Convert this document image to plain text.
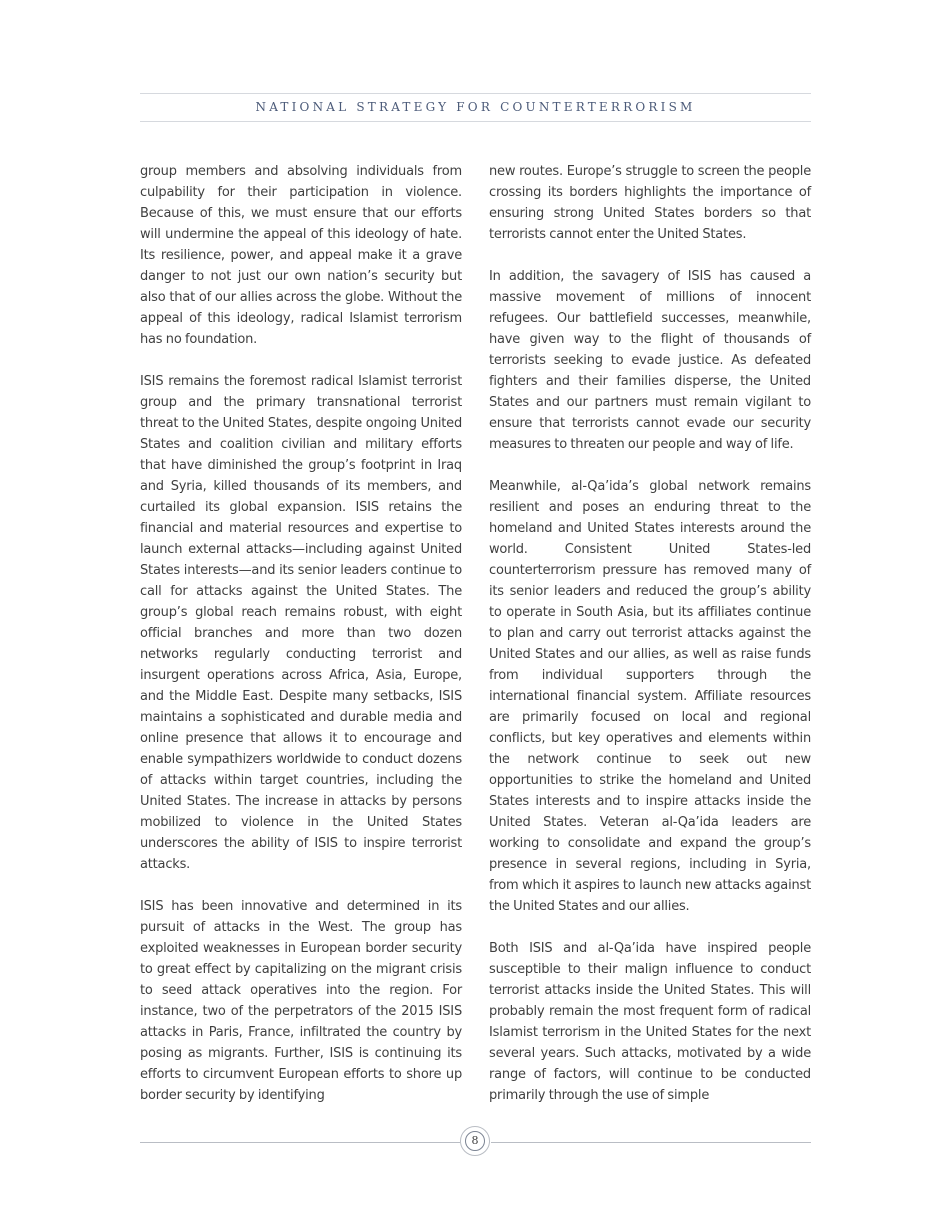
NATIONAL STRATEGY FOR COUNTERTERRORISM

group members and absolving individuals from culpability for their participation in violence. Because of this, we must ensure that our efforts will undermine the appeal of this ideology of hate. Its resilience, power, and appeal make it a grave danger to not just our own nation’s security but also that of our allies across the globe. Without the appeal of this ideology, radical Islamist terrorism has no foundation.

ISIS remains the foremost radical Islamist terrorist group and the primary transnational terrorist threat to the United States, despite ongoing United States and coalition civilian and military efforts that have diminished the group’s footprint in Iraq and Syria, killed thousands of its members, and curtailed its global expansion. ISIS retains the financial and material resources and expertise to launch external attacks—including against United States interests—and its senior leaders continue to call for attacks against the United States. The group’s global reach remains robust, with eight official branches and more than two dozen networks regularly conducting terrorist and insurgent operations across Africa, Asia, Europe, and the Middle East. Despite many setbacks, ISIS maintains a sophisticated and durable media and online presence that allows it to encourage and enable sympathizers worldwide to conduct dozens of attacks within target countries, including the United States. The increase in attacks by persons mobilized to violence in the United States underscores the ability of ISIS to inspire terrorist attacks.

ISIS has been innovative and determined in its pursuit of attacks in the West. The group has exploited weaknesses in European border security to great effect by capitalizing on the migrant crisis to seed attack operatives into the region. For instance, two of the perpetrators of the 2015 ISIS attacks in Paris, France, infiltrated the country by posing as migrants. Further, ISIS is continuing its efforts to circumvent European efforts to shore up border security by identifying

new routes. Europe’s struggle to screen the people crossing its borders highlights the importance of ensuring strong United States borders so that terrorists cannot enter the United States.

In addition, the savagery of ISIS has caused a massive movement of millions of innocent refugees. Our battlefield successes, meanwhile, have given way to the flight of thousands of terrorists seeking to evade justice. As defeated fighters and their families disperse, the United States and our partners must remain vigilant to ensure that terrorists cannot evade our security measures to threaten our people and way of life.

Meanwhile, al-Qa’ida’s global network remains resilient and poses an enduring threat to the homeland and United States interests around the world. Consistent United States-led counterterrorism pressure has removed many of its senior leaders and reduced the group’s ability to operate in South Asia, but its affiliates continue to plan and carry out terrorist attacks against the United States and our allies, as well as raise funds from individual supporters through the international financial system. Affiliate resources are primarily focused on local and regional conflicts, but key operatives and elements within the network continue to seek out new opportunities to strike the homeland and United States interests and to inspire attacks inside the United States. Veteran al-Qa’ida leaders are working to consolidate and expand the group’s presence in several regions, including in Syria, from which it aspires to launch new attacks against the United States and our allies.

Both ISIS and al-Qa’ida have inspired people susceptible to their malign influence to conduct terrorist attacks inside the United States. This will probably remain the most frequent form of radical Islamist terrorism in the United States for the next several years. Such attacks, motivated by a wide range of factors, will continue to be conducted primarily through the use of simple

8
